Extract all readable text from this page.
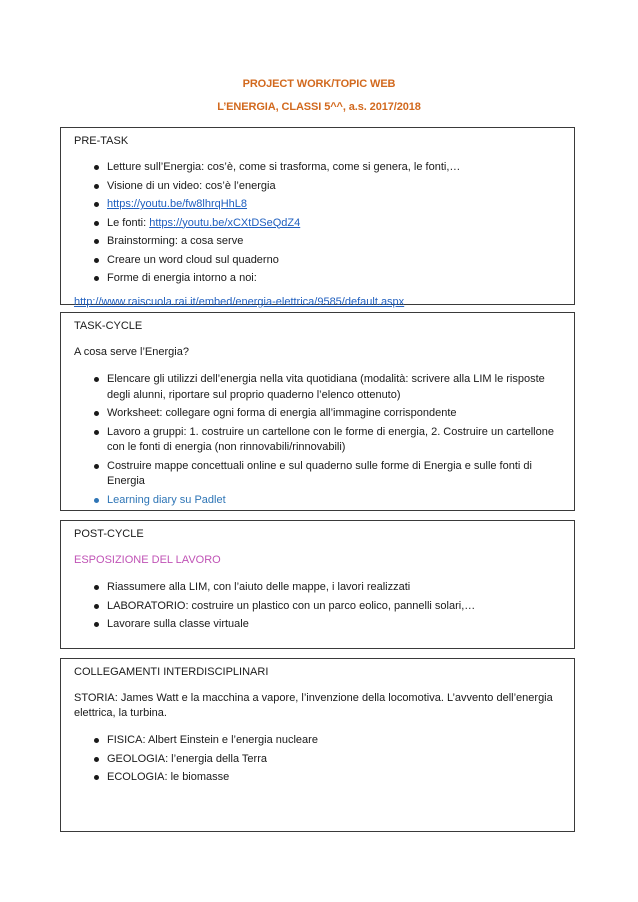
PROJECT WORK/TOPIC WEB
L’ENERGIA, CLASSI 5^^, a.s. 2017/2018
PRE-TASK
Letture sull’Energia: cos’è, come si trasforma, come si genera, le fonti,…
Visione di un video: cos’è l’energia
https://youtu.be/fw8lhrqHhL8
Le fonti: https://youtu.be/xCXtDSeQdZ4
Brainstorming: a cosa serve
Creare un word cloud sul quaderno
Forme di energia intorno a noi:
http://www.raiscuola.rai.it/embed/energia-elettrica/9585/default.aspx
TASK-CYCLE
A cosa serve l’Energia?
Elencare gli utilizzi dell’energia nella vita quotidiana (modalità: scrivere alla LIM le risposte degli alunni, riportare sul proprio quaderno l’elenco ottenuto)
Worksheet: collegare ogni forma di energia all’immagine corrispondente
Lavoro a gruppi: 1. costruire un cartellone con le forme di energia, 2. Costruire un cartellone con le fonti di energia (non rinnovabili/rinnovabili)
Costruire mappe concettuali online e sul quaderno sulle forme di Energia e sulle fonti di Energia
Learning diary su Padlet
POST-CYCLE
ESPOSIZIONE DEL LAVORO
Riassumere alla LIM, con l’aiuto delle mappe, i lavori realizzati
LABORATORIO: costruire un plastico con un parco eolico, pannelli solari,…
Lavorare sulla classe virtuale
COLLEGAMENTI INTERDISCIPLINARI
STORIA: James Watt e la macchina a vapore, l’invenzione della locomotiva. L’avvento dell’energia elettrica, la turbina.
FISICA: Albert Einstein e l’energia nucleare
GEOLOGIA: l’energia della Terra
ECOLOGIA: le biomasse
